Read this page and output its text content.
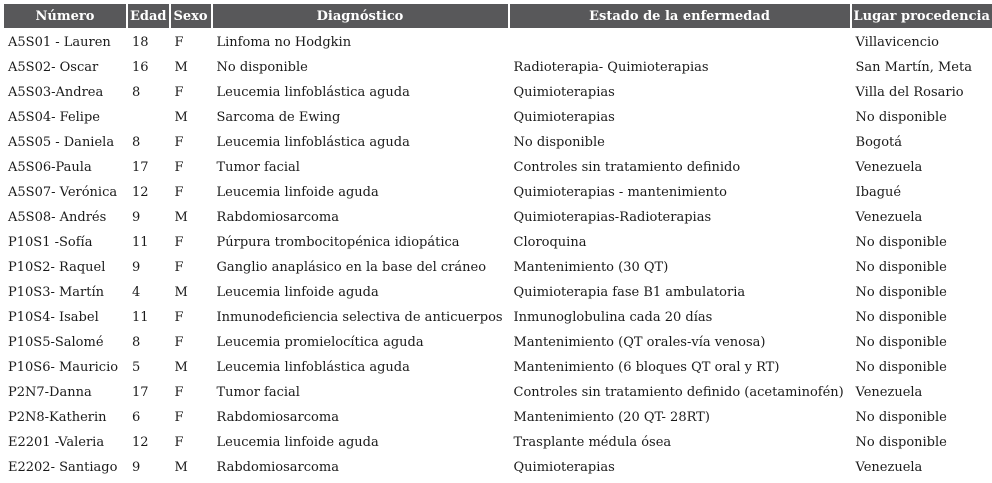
Número	Edad	Sexo	Diagnóstico	Estado de la enfermedad	Lugar procedencia
A5S01 - Lauren	18	F	Linfoma no Hodgkin		Villavicencio
A5S02- Oscar	16	M	No disponible	Radioterapia- Quimioterapias	San Martín, Meta
A5S03-Andrea	8	F	Leucemia linfoblástica aguda	Quimioterapias	Villa del Rosario
A5S04- Felipe		M	Sarcoma de Ewing	Quimioterapias	No disponible
A5S05 - Daniela	8	F	Leucemia linfoblástica aguda	No disponible	Bogotá
A5S06-Paula	17	F	Tumor facial	Controles sin tratamiento definido	Venezuela
A5S07- Verónica	12	F	Leucemia linfoide aguda	Quimioterapias - mantenimiento	Ibagué
A5S08- Andrés	9	M	Rabdomiosarcoma	Quimioterapias-Radioterapias	Venezuela
P10S1 -Sofía	11	F	Púrpura trombocitopénica idiopática	Cloroquina	No disponible
P10S2- Raquel	9	F	Ganglio anaplásico en la base del cráneo	Mantenimiento (30 QT)	No disponible
P10S3- Martín	4	M	Leucemia linfoide aguda	Quimioterapia fase B1 ambulatoria	No disponible
P10S4- Isabel	11	F	Inmunodeficiencia selectiva de anticuerpos	Inmunoglobulina cada 20 días	No disponible
P10S5-Salomé	8	F	Leucemia promielocítica aguda	Mantenimiento (QT orales-vía venosa)	No disponible
P10S6- Mauricio	5	M	Leucemia linfoblástica aguda	Mantenimiento (6 bloques QT oral y RT)	No disponible
P2N7-Danna	17	F	Tumor facial	Controles sin tratamiento definido (acetaminofén)	Venezuela
P2N8-Katherin	6	F	Rabdomiosarcoma	Mantenimiento (20 QT- 28RT)	No disponible
E2201 -Valeria	12	F	Leucemia linfoide aguda	Trasplante médula ósea	No disponible
E2202- Santiago	9	M	Rabdomiosarcoma	Quimioterapias	Venezuela
